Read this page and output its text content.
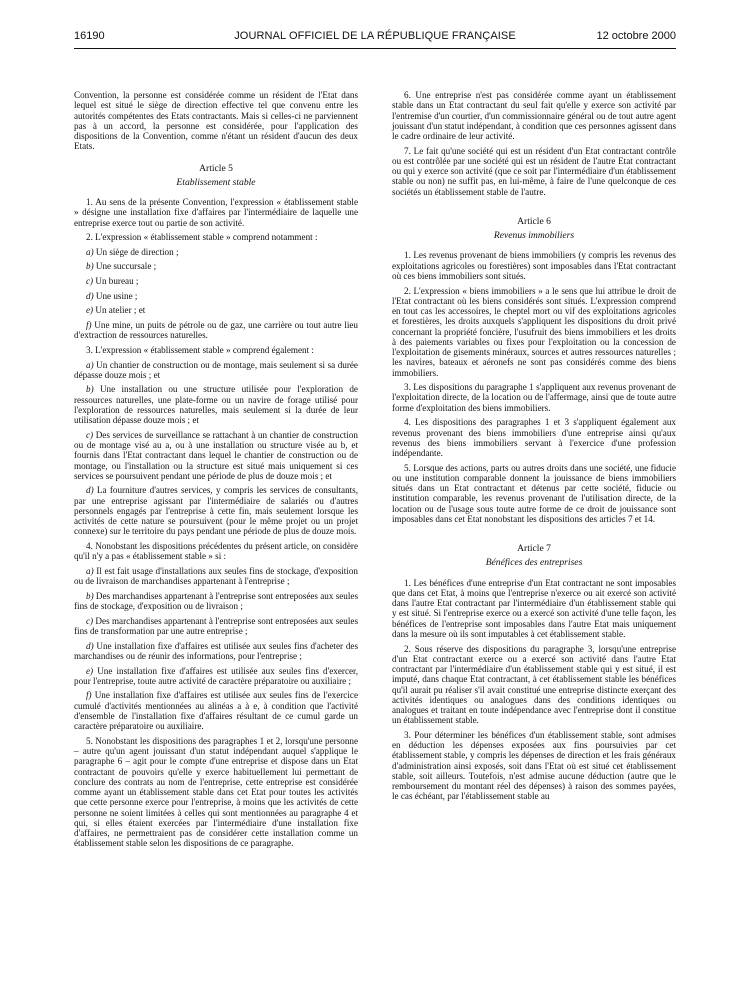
16190	JOURNAL OFFICIEL DE LA RÉPUBLIQUE FRANÇAISE	12 octobre 2000

Convention, la personne est considérée comme un résident de l'Etat dans lequel est situé le siège de direction effective tel que convenu entre les autorités compétentes des Etats contractants. Mais si celles-ci ne parviennent pas à un accord, la personne est considérée, pour l'application des dispositions de la Convention, comme n'étant un résident d'aucun des deux Etats.

Article 5
Etablissement stable

1. Au sens de la présente Convention, l'expression « établissement stable » désigne une installation fixe d'affaires par l'intermédiaire de laquelle une entreprise exerce tout ou partie de son activité.

2. L'expression « établissement stable » comprend notamment :

a) Un siège de direction ;

b) Une succursale ;

c) Un bureau ;

d) Une usine ;

e) Un atelier ; et

f) Une mine, un puits de pétrole ou de gaz, une carrière ou tout autre lieu d'extraction de ressources naturelles.

3. L'expression « établissement stable » comprend également :

a) Un chantier de construction ou de montage, mais seulement si sa durée dépasse douze mois ; et

b) Une installation ou une structure utilisée pour l'exploration de ressources naturelles, une plate-forme ou un navire de forage utilisé pour l'exploration de ressources naturelles, mais seulement si la durée de leur utilisation dépasse douze mois ; et

c) Des services de surveillance se rattachant à un chantier de construction ou de montage visé au a, ou à une installation ou structure visée au b, et fournis dans l'Etat contractant dans lequel le chantier de construction ou de montage, ou l'installation ou la structure est situé mais uniquement si ces services se poursuivent pendant une période de plus de douze mois ; et

d) La fourniture d'autres services, y compris les services de consultants, par une entreprise agissant par l'intermédiaire de salariés ou d'autres personnels engagés par l'entreprise à cette fin, mais seulement lorsque les activités de cette nature se poursuivent (pour le même projet ou un projet connexe) sur le territoire du pays pendant une période de plus de douze mois.

4. Nonobstant les dispositions précédentes du présent article, on considère qu'il n'y a pas « établissement stable » si :

a) Il est fait usage d'installations aux seules fins de stockage, d'exposition ou de livraison de marchandises appartenant à l'entreprise ;

b) Des marchandises appartenant à l'entreprise sont entreposées aux seules fins de stockage, d'exposition ou de livraison ;

c) Des marchandises appartenant à l'entreprise sont entreposées aux seules fins de transformation par une autre entreprise ;

d) Une installation fixe d'affaires est utilisée aux seules fins d'acheter des marchandises ou de réunir des informations, pour l'entreprise ;

e) Une installation fixe d'affaires est utilisée aux seules fins d'exercer, pour l'entreprise, toute autre activité de caractère préparatoire ou auxiliaire ;

f) Une installation fixe d'affaires est utilisée aux seules fins de l'exercice cumulé d'activités mentionnées au alinéas a à e, à condition que l'activité d'ensemble de l'installation fixe d'affaires résultant de ce cumul garde un caractère préparatoire ou auxiliaire.

5. Nonobstant les dispositions des paragraphes 1 et 2, lorsqu'une personne – autre qu'un agent jouissant d'un statut indépendant auquel s'applique le paragraphe 6 – agit pour le compte d'une entreprise et dispose dans un Etat contractant de pouvoirs qu'elle y exerce habituellement lui permettant de conclure des contrats au nom de l'entreprise, cette entreprise est considérée comme ayant un établissement stable dans cet Etat pour toutes les activités que cette personne exerce pour l'entreprise, à moins que les activités de cette personne ne soient limitées à celles qui sont mentionnées au paragraphe 4 et qui, si elles étaient exercées par l'intermédiaire d'une installation fixe d'affaires, ne permettraient pas de considérer cette installation comme un établissement stable selon les dispositions de ce paragraphe.

6. Une entreprise n'est pas considérée comme ayant un établissement stable dans un Etat contractant du seul fait qu'elle y exerce son activité par l'entremise d'un courtier, d'un commissionnaire général ou de tout autre agent jouissant d'un statut indépendant, à condition que ces personnes agissent dans le cadre ordinaire de leur activité.

7. Le fait qu'une société qui est un résident d'un Etat contractant contrôle ou est contrôlée par une société qui est un résident de l'autre Etat contractant ou qui y exerce son activité (que ce soit par l'intermédiaire d'un établissement stable ou non) ne suffit pas, en lui-même, à faire de l'une quelconque de ces sociétés un établissement stable de l'autre.

Article 6
Revenus immobiliers

1. Les revenus provenant de biens immobiliers (y compris les revenus des exploitations agricoles ou forestières) sont imposables dans l'Etat contractant où ces biens immobiliers sont situés.

2. L'expression « biens immobiliers » a le sens que lui attribue le droit de l'Etat contractant où les biens considérés sont situés. L'expression comprend en tout cas les accessoires, le cheptel mort ou vif des exploitations agricoles et forestières, les droits auxquels s'appliquent les dispositions du droit privé concernant la propriété foncière, l'usufruit des biens immobiliers et les droits à des paiements variables ou fixes pour l'exploitation ou la concession de l'exploitation de gisements minéraux, sources et autres ressources naturelles ; les navires, bateaux et aéronefs ne sont pas considérés comme des biens immobiliers.

3. Les dispositions du paragraphe 1 s'appliquent aux revenus provenant de l'exploitation directe, de la location ou de l'affermage, ainsi que de toute autre forme d'exploitation des biens immobiliers.

4. Les dispositions des paragraphes 1 et 3 s'appliquent également aux revenus provenant des biens immobiliers d'une entreprise ainsi qu'aux revenus des biens immobiliers servant à l'exercice d'une profession indépendante.

5. Lorsque des actions, parts ou autres droits dans une société, une fiducie ou une institution comparable donnent la jouissance de biens immobiliers situés dans un Etat contractant et détenus par cette société, fiducie ou institution comparable, les revenus provenant de l'utilisation directe, de la location ou de l'usage sous toute autre forme de ce droit de jouissance sont imposables dans cet Etat nonobstant les dispositions des articles 7 et 14.

Article 7
Bénéfices des entreprises

1. Les bénéfices d'une entreprise d'un Etat contractant ne sont imposables que dans cet Etat, à moins que l'entreprise n'exerce ou ait exercé son activité dans l'autre Etat contractant par l'intermédiaire d'un établissement stable qui y est situé. Si l'entreprise exerce ou a exercé son activité d'une telle façon, les bénéfices de l'entreprise sont imposables dans l'autre Etat mais uniquement dans la mesure où ils sont imputables à cet établissement stable.

2. Sous réserve des dispositions du paragraphe 3, lorsqu'une entreprise d'un Etat contractant exerce ou a exercé son activité dans l'autre Etat contractant par l'intermédiaire d'un établissement stable qui y est situé, il est imputé, dans chaque Etat contractant, à cet établissement stable les bénéfices qu'il aurait pu réaliser s'il avait constitué une entreprise distincte exerçant des activités identiques ou analogues dans des conditions identiques ou analogues et traitant en toute indépendance avec l'entreprise dont il constitue un établissement stable.

3. Pour déterminer les bénéfices d'un établissement stable, sont admises en déduction les dépenses exposées aux fins poursuivies par cet établissement stable, y compris les dépenses de direction et les frais généraux d'administration ainsi exposés, soit dans l'Etat où est situé cet établissement stable, soit ailleurs. Toutefois, n'est admise aucune déduction (autre que le remboursement du montant réel des dépenses) à raison des sommes payées, le cas échéant, par l'établissement stable au
